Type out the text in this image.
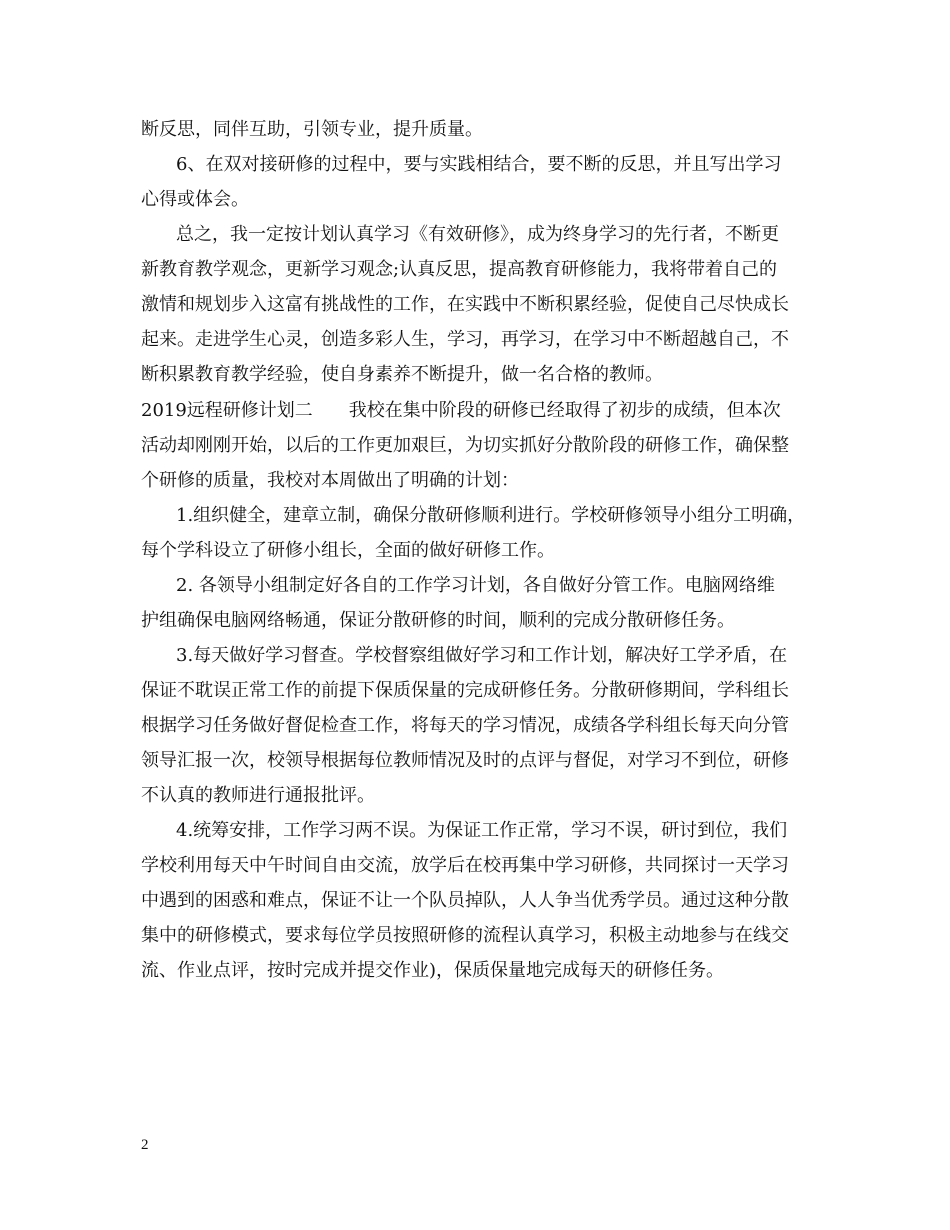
断反思，同伴互助，引领专业，提升质量。
6、在双对接研修的过程中，要与实践相结合，要不断的反思，并且写出学习
心得或体会。
总之，我一定按计划认真学习《有效研修》，成为终身学习的先行者，不断更
新教育教学观念，更新学习观念;认真反思，提高教育研修能力，我将带着自己的
激情和规划步入这富有挑战性的工作，在实践中不断积累经验，促使自己尽快成长
起来。走进学生心灵，创造多彩人生，学习，再学习，在学习中不断超越自己，不
断积累教育教学经验，使自身素养不断提升，做一名合格的教师。
2019远程研修计划二　　我校在集中阶段的研修已经取得了初步的成绩，但本次
活动却刚刚开始，以后的工作更加艰巨，为切实抓好分散阶段的研修工作，确保整
个研修的质量，我校对本周做出了明确的计划：
1.组织健全，建章立制，确保分散研修顺利进行。学校研修领导小组分工明确，
每个学科设立了研修小组长，全面的做好研修工作。
2. 各领导小组制定好各自的工作学习计划，各自做好分管工作。电脑网络维
护组确保电脑网络畅通，保证分散研修的时间，顺利的完成分散研修任务。
3.每天做好学习督查。学校督察组做好学习和工作计划，解决好工学矛盾，在
保证不耽误正常工作的前提下保质保量的完成研修任务。分散研修期间，学科组长
根据学习任务做好督促检查工作，将每天的学习情况，成绩各学科组长每天向分管
领导汇报一次，校领导根据每位教师情况及时的点评与督促，对学习不到位，研修
不认真的教师进行通报批评。
4.统筹安排，工作学习两不误。为保证工作正常，学习不误，研讨到位，我们
学校利用每天中午时间自由交流，放学后在校再集中学习研修，共同探讨一天学习
中遇到的困惑和难点，保证不让一个队员掉队，人人争当优秀学员。通过这种分散
集中的研修模式，要求每位学员按照研修的流程认真学习，积极主动地参与在线交
流、作业点评，按时完成并提交作业)，保质保量地完成每天的研修任务。
2
